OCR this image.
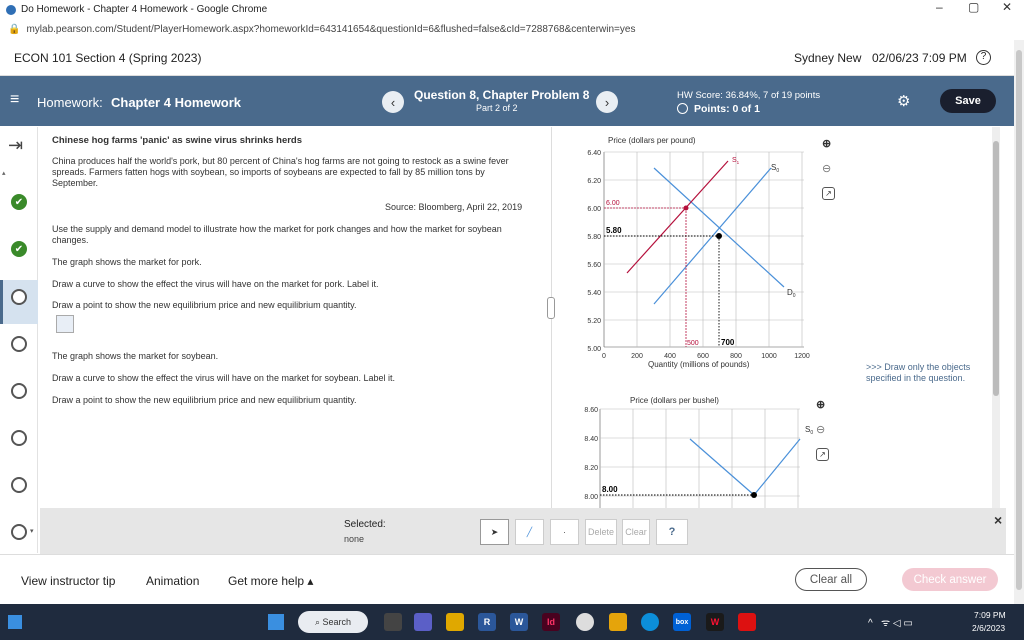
Do Homework - Chapter 4 Homework - Google Chrome	– ▢ ✕
🔒 mylab.pearson.com/Student/PlayerHomework.aspx?homeworkId=643141654&questionId=6&flushed=false&cId=7288768&centerwin=yes
ECON 101 Section 4 (Spring 2023)	Sydney New 02/06/23 7:09 PM	?
≡ Homework: Chapter 4 Homework	‹	Question 8, Chapter Problem 8
Part 2 of 2	›	HW Score: 36.84%, 7 of 19 points
Points: 0 of 1	⚙	Save
⇥
▴
✔
✔
▾
Chinese hog farms 'panic' as swine virus shrinks herds
China produces half the world's pork, but 80 percent of China's hog farms are not going to restock as a swine fever spreads. Farmers fatten hogs with soybean, so imports of soybeans are expected to fall by 85 million tons by September.
Source: Bloomberg, April 22, 2019
Use the supply and demand model to illustrate how the market for pork changes and how the market for soybean changes.
The graph shows the market for pork.
Draw a curve to show the effect the virus will have on the market for pork. Label it.
Draw a point to show the new equilibrium price and new equilibrium quantity.
The graph shows the market for soybean.
Draw a curve to show the effect the virus will have on the market for soybean. Label it.
Draw a point to show the new equilibrium price and new equilibrium quantity.
Price (dollars per pound)
6.40
6.20
6.00
5.80
5.60
5.40
5.20
5.00
0	200	400	600	800	1000 1200
Quantity (millions of pounds)
6.00
5.80
500	700
$S_0$
$S_1$
$D_0$
⊕
⊖
↗
>>> Draw only the objects specified in the question.
Price (dollars per bushel)
8.60
8.40
8.20
8.00
8.00
$S_0$
⊕
⊖
↗
Selected:
none
➤	╱	·	Delete	Clear	?
×
View instructor tip	Animation Get more help ▴	Clear all	Check answer
⌕ Search	R	W	Id	box	W	^   ᯤ ◁ ▭
7:09 PM
2/6/2023
